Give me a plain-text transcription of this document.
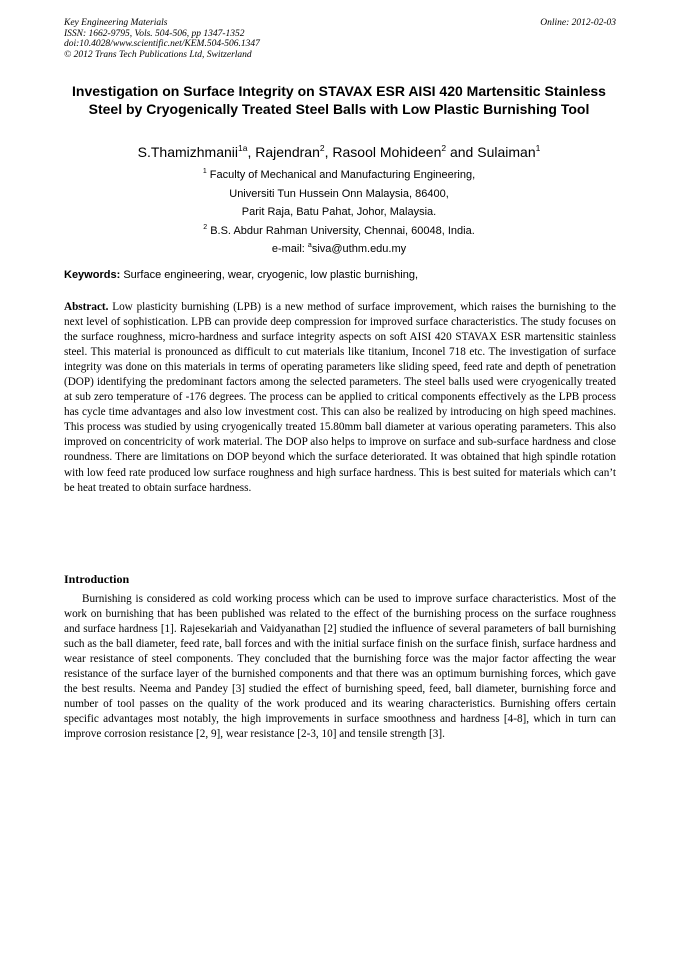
Key Engineering Materials
ISSN: 1662-9795, Vols. 504-506, pp 1347-1352
doi:10.4028/www.scientific.net/KEM.504-506.1347
© 2012 Trans Tech Publications Ltd, Switzerland
Online: 2012-02-03
Investigation on Surface Integrity on STAVAX ESR AISI 420 Martensitic Stainless Steel by Cryogenically Treated Steel Balls with Low Plastic Burnishing Tool
S.Thamizhmanii$^{1a}$, Rajendran$^2$, Rasool Mohideen$^2$ and Sulaiman$^1$
$^1$ Faculty of Mechanical and Manufacturing Engineering,
Universiti Tun Hussein Onn Malaysia, 86400,
Parit Raja, Batu Pahat, Johor, Malaysia.
$^2$ B.S. Abdur Rahman University, Chennai, 60048, India.
e-mail: $^a$siva@uthm.edu.my
Keywords: Surface engineering, wear, cryogenic, low plastic burnishing,

Abstract. Low plasticity burnishing (LPB) is a new method of surface improvement, which raises the burnishing to the next level of sophistication. LPB can provide deep compression for improved surface characteristics. The study focuses on the surface roughness, micro-hardness and surface integrity aspects on soft AISI 420 STAVAX ESR martensitic stainless steel. This material is pronounced as difficult to cut materials like titanium, Inconel 718 etc. The investigation of surface integrity was done on this materials in terms of operating parameters like sliding speed, feed rate and depth of penetration (DOP) identifying the predominant factors among the selected parameters. The steel balls used were cryogenically treated at sub zero temperature of -176 degrees. The process can be applied to critical components effectively as the LPB process has cycle time advantages and also low investment cost. This can also be realized by introducing on high speed machines. This process was studied by using cryogenically treated 15.80mm ball diameter at various operating parameters. This also improved on concentricity of work material. The DOP also helps to improve on surface and sub-surface hardness and close roundness. There are limitations on DOP beyond which the surface deteriorated. It was obtained that high spindle rotation with low feed rate produced low surface roughness and high surface hardness. This is best suited for materials which can’t be heat treated to obtain surface hardness.

Introduction

Burnishing is considered as cold working process which can be used to improve surface characteristics. Most of the work on burnishing that has been published was related to the effect of the burnishing process on the surface roughness and surface hardness [1]. Rajesekariah and Vaidyanathan [2] studied the influence of several parameters of ball burnishing such as the ball diameter, feed rate, ball forces and with the initial surface finish on the surface finish, surface hardness and wear resistance of steel components. They concluded that the burnishing force was the major factor affecting the wear resistance of the surface layer of the burnished components and that there was an optimum burnishing forces, which gave the best results. Neema and Pandey [3] studied the effect of burnishing speed, feed, ball diameter, burnishing force and number of tool passes on the quality of the work produced and its wearing characteristics. Burnishing offers certain specific advantages most notably, the high improvements in surface smoothness and hardness [4-8], which in turn can improve corrosion resistance [2, 9], wear resistance [2-3, 10] and tensile strength [3].
